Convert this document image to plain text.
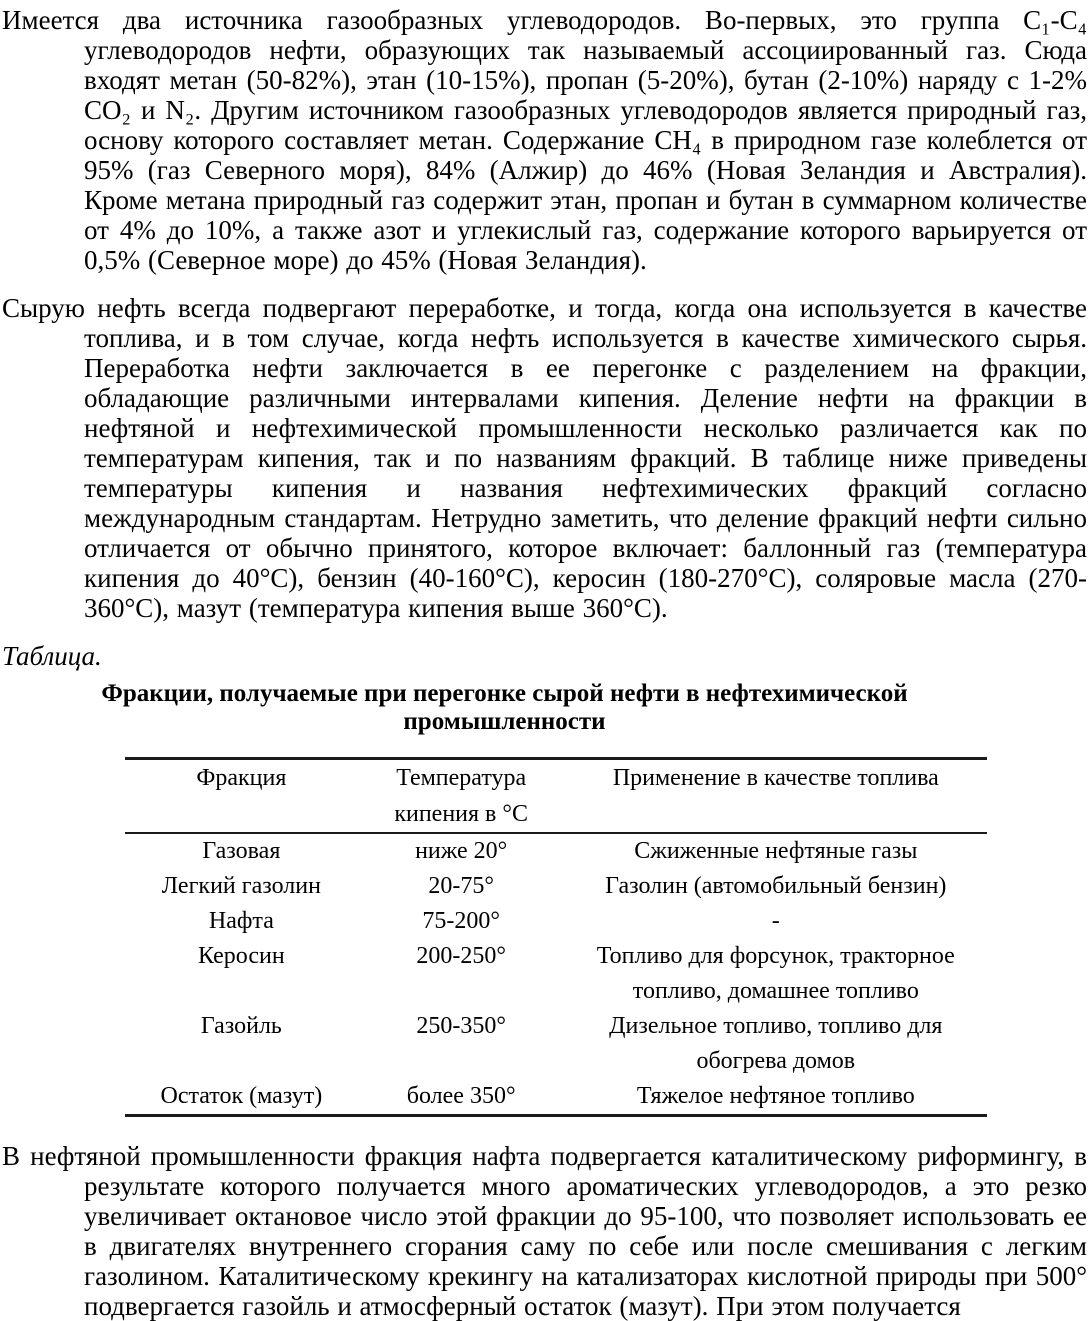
Имеется два источника газообразных углеводородов. Во-первых, это группа C₁-C₄ углеводородов нефти, образующих так называемый ассоциированный газ. Сюда входят метан (50-82%), этан (10-15%), пропан (5-20%), бутан (2-10%) наряду с 1-2% CO₂ и N₂. Другим источником газообразных углеводородов является природный газ, основу которого составляет метан. Содержание CH₄ в природном газе колеблется от 95% (газ Северного моря), 84% (Алжир) до 46% (Новая Зеландия и Австралия). Кроме метана природный газ содержит этан, пропан и бутан в суммарном количестве от 4% до 10%, а также азот и углекислый газ, содержание которого варьируется от 0,5% (Северное море) до 45% (Новая Зеландия).

Сырую нефть всегда подвергают переработке, и тогда, когда она используется в качестве топлива, и в том случае, когда нефть используется в качестве химического сырья. Переработка нефти заключается в ее перегонке с разделением на фракции, обладающие различными интервалами кипения. Деление нефти на фракции в нефтяной и нефтехимической промышленности несколько различается как по температурам кипения, так и по названиям фракций. В таблице ниже приведены температуры кипения и названия нефтехимических фракций согласно международным стандартам. Нетрудно заметить, что деление фракций нефти сильно отличается от обычно принятого, которое включает: баллонный газ (температура кипения до 40°С), бензин (40-160°С), керосин (180-270°С), соляровые масла (270- 360°С), мазут (температура кипения выше 360°С).

Таблица.
Фракции, получаемые при перегонке сырой нефти в нефтехимической промышленности
Фракция	Температура кипения в °С	Применение в качестве топлива
Газовая	ниже 20°	Сжиженные нефтяные газы
Легкий газолин	20-75°	Газолин (автомобильный бензин)
Нафта	75-200°	-
Керосин	200-250°	Топливо для форсунок, тракторное топливо, домашнее топливо
Газойль	250-350°	Дизельное топливо, топливо для обогрева домов
Остаток (мазут)	более 350°	Тяжелое нефтяное топливо

В нефтяной промышленности фракция нафта подвергается каталитическому риформингу, в результате которого получается много ароматических углеводородов, а это резко увеличивает октановое число этой фракции до 95-100, что позволяет использовать ее в двигателях внутреннего сгорания саму по себе или после смешивания с легким газолином. Каталитическому крекингу на катализаторах кислотной природы при 500° подвергается газойль и атмосферный остаток (мазут). При этом получается
